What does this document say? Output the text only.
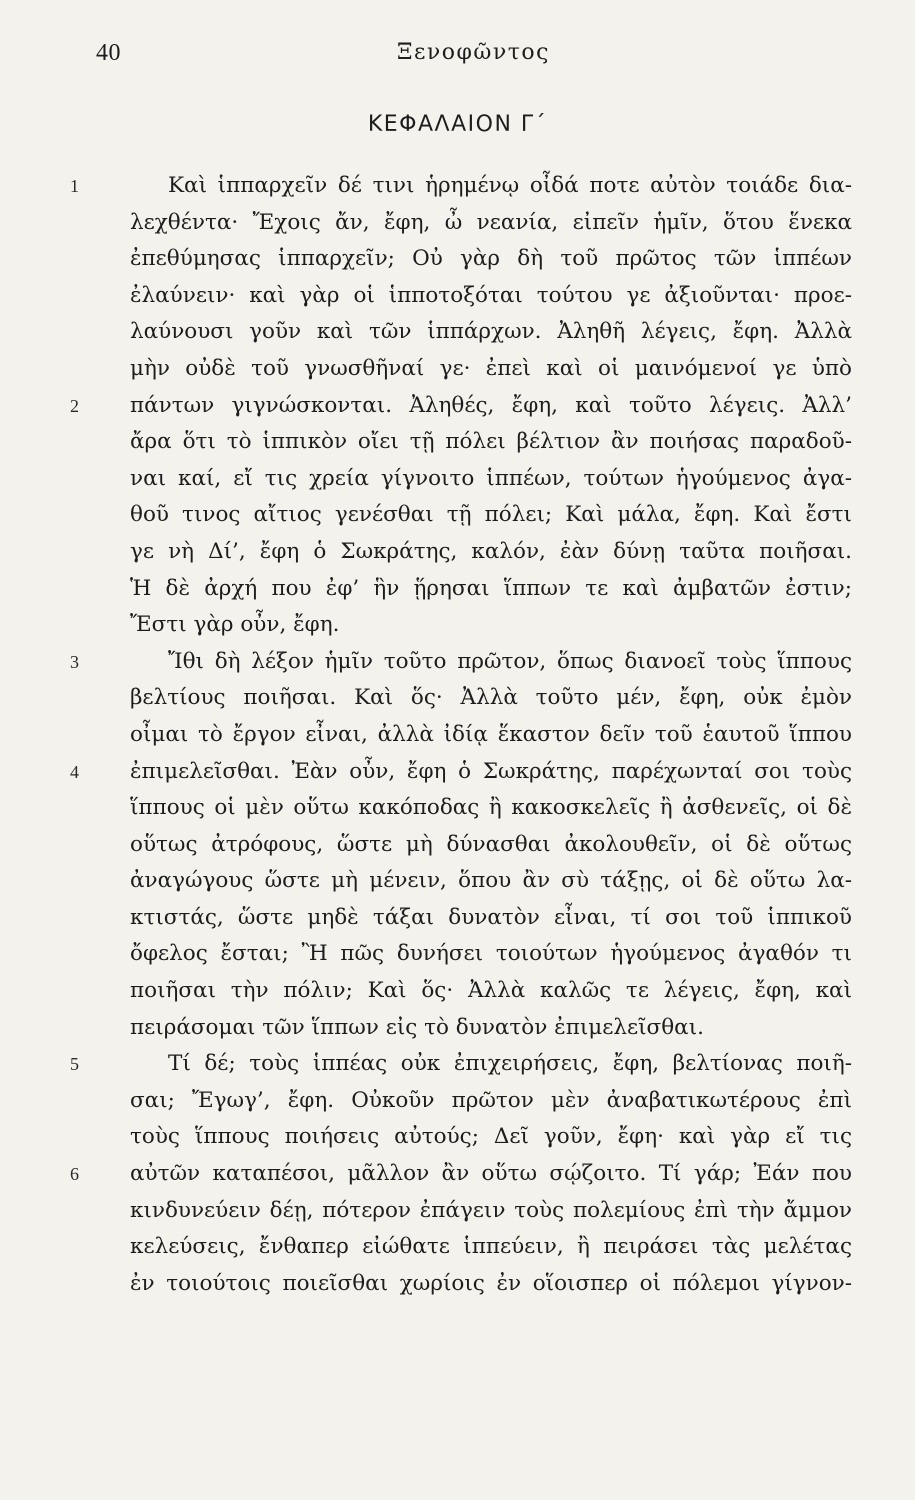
40	Ξενοφῶντος
ΚΕΦΑΛΑΙΟΝ Γ΄
1	Καὶ ἱππαρχεῖν δέ τινι ἡρημένῳ οἶδά ποτε αὐτὸν τοιάδε δια-
λεχθέντα· Ἔχοις ἄν, ἔφη, ὦ νεανία, εἰπεῖν ἡμῖν, ὅτου ἕνεκα
ἐπεθύμησας ἱππαρχεῖν; Οὐ γὰρ δὴ τοῦ πρῶτος τῶν ἱππέων
ἐλαύνειν· καὶ γὰρ οἱ ἱπποτοξόται τούτου γε ἀξιοῦνται· προε-
λαύνουσι γοῦν καὶ τῶν ἱππάρχων. Ἀληθῆ λέγεις, ἔφη. Ἀλλὰ
μὴν οὐδὲ τοῦ γνωσθῆναί γε· ἐπεὶ καὶ οἱ μαινόμενοί γε ὑπὸ
2	πάντων γιγνώσκονται. Ἀληθές, ἔφη, καὶ τοῦτο λέγεις. Ἀλλ’
ἄρα ὅτι τὸ ἱππικὸν οἴει τῇ πόλει βέλτιον ἂν ποιήσας παραδοῦ-
ναι καί, εἴ τις χρεία γίγνοιτο ἱππέων, τούτων ἡγούμενος ἀγα-
θοῦ τινος αἴτιος γενέσθαι τῇ πόλει; Καὶ μάλα, ἔφη. Καὶ ἔστι
γε νὴ Δί’, ἔφη ὁ Σωκράτης, καλόν, ἐὰν δύνῃ ταῦτα ποιῆσαι.
Ἡ δὲ ἀρχή που ἐφ’ ἣν ᾕρησαι ἵππων τε καὶ ἀμβατῶν ἐστιν;
Ἔστι γὰρ οὖν, ἔφη.
3	Ἴθι δὴ λέξον ἡμῖν τοῦτο πρῶτον, ὅπως διανοεῖ τοὺς ἵππους
βελτίους ποιῆσαι. Καὶ ὅς· Ἀλλὰ τοῦτο μέν, ἔφη, οὐκ ἐμὸν
οἶμαι τὸ ἔργον εἶναι, ἀλλὰ ἰδίᾳ ἕκαστον δεῖν τοῦ ἑαυτοῦ ἵππου
4	ἐπιμελεῖσθαι. Ἐὰν οὖν, ἔφη ὁ Σωκράτης, παρέχωνταί σοι τοὺς
ἵππους οἱ μὲν οὕτω κακόποδας ἢ κακοσκελεῖς ἢ ἀσθενεῖς, οἱ δὲ
οὕτως ἀτρόφους, ὥστε μὴ δύνασθαι ἀκολουθεῖν, οἱ δὲ οὕτως
ἀναγώγους ὥστε μὴ μένειν, ὅπου ἂν σὺ τάξῃς, οἱ δὲ οὕτω λα-
κτιστάς, ὥστε μηδὲ τάξαι δυνατὸν εἶναι, τί σοι τοῦ ἱππικοῦ
ὄφελος ἔσται; Ἢ πῶς δυνήσει τοιούτων ἡγούμενος ἀγαθόν τι
ποιῆσαι τὴν πόλιν; Καὶ ὅς· Ἀλλὰ καλῶς τε λέγεις, ἔφη, καὶ
πειράσομαι τῶν ἵππων εἰς τὸ δυνατὸν ἐπιμελεῖσθαι.
5	Τί δέ; τοὺς ἱππέας οὐκ ἐπιχειρήσεις, ἔφη, βελτίονας ποιῆ-
σαι; Ἔγωγ’, ἔφη. Οὐκοῦν πρῶτον μὲν ἀναβατικωτέρους ἐπὶ
τοὺς ἵππους ποιήσεις αὐτούς; Δεῖ γοῦν, ἔφη· καὶ γὰρ εἴ τις
6	αὐτῶν καταπέσοι, μᾶλλον ἂν οὕτω σῴζοιτο. Τί γάρ; Ἐάν που
κινδυνεύειν δέῃ, πότερον ἐπάγειν τοὺς πολεμίους ἐπὶ τὴν ἄμμον
κελεύσεις, ἔνθαπερ εἰώθατε ἱππεύειν, ἢ πειράσει τὰς μελέτας
ἐν τοιούτοις ποιεῖσθαι χωρίοις ἐν οἵοισπερ οἱ πόλεμοι γίγνον-
